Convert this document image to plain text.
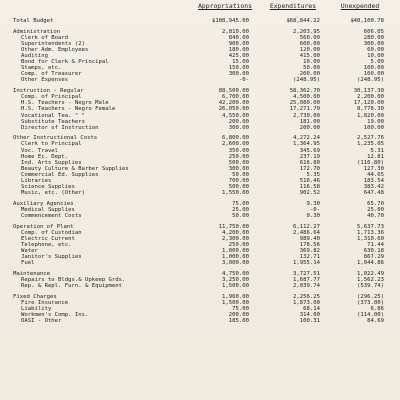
Appropriations	Expenditures	Unexpended
Total Budget	$108,945.00	$68,844.22	$40,100.78
Administration	2,810.00	2,203.95	606.05
Clerk of Board	840.00	560.00	280.00
Superintendents (2)	900.00	600.00	300.00
Other Adm. Employees	180.00	120.00	60.00
Auditing	425.00	415.00	10.00
Bond for Clerk & Principal	15.00	10.00	5.00
Stamps, etc.	150.00	50.00	100.00
Comp. of Treasurer	300.00	200.00	100.00
Other Expenses	-0-	(248.95)	(248.95)
Instruction - Regular	88,500.00	58,362.70	30,137.30
Comp. of Principal	6,700.00	4,500.00	2,200.00
H.S. Teachers - Negro Male	42,200.00	25,080.00	17,120.00
H.S. Teachers - Negro Female	26,050.00	17,271.70	8,778.30
Vocational Tea. " "	4,550.00	2,730.00	1,820.00
Substitute Teachers	200.00	181.00	19.00
Director of Instruction	300.00	200.00	100.00
Other Instructional Costs	6,800.00	4,272.24	2,527.76
Clerk to Principal	2,600.00	1,364.95	1,235.05
Voc. Travel	350.00	345.69	5.31
Home Ec. Dept.	250.00	237.19	12.81
Ind. Arts Supplies	500.00	616.80	(116.80)
Beauty Culture & Barber Supplies	300.00	172.70	127.30
Commercial Ed. Supplies	50.00	5.35	44.65
Libraries	700.00	516.46	183.54
Science Supplies	500.00	116.58	383.42
Music, etc. (Other)	1,550.00	902.52	647.48
Auxiliary Agencies	75.00	9.30	65.70
Medical Supplies	25.00	-0-	25.00
Commencement Costs	50.00	9.30	40.70
Operation of Plant	11,750.00	6,112.27	5,637.73
Comp. of Custodian	4,200.00	2,486.64	1,713.36
Electric Current	2,300.00	989.40	1,310.60
Telephone, etc.	250.00	178.56	71.44
Water	1,000.00	369.82	630.18
Janitor's Supplies	1,000.00	132.71	867.29
Fuel	3,000.00	1,955.14	1,044.86
Maintenance	4,750.00	3,727.51	1,022.49
Repairs to Bldgs.& Upkeep Grds.	3,250.00	1,687.77	1,562.23
Rep. & Repl. Furn. & Equipment	1,500.00	2,039.74	(539.74)
Fixed Charges	1,960.00	2,256.25	(296.25)
Fire Insurance	1,500.00	1,873.00	(373.00)
Liability	75.00	68.14	6.86
Workmen's Comp. Ins.	200.00	314.00	(114.00)
OASI - Other	185.00	100.31	84.69
